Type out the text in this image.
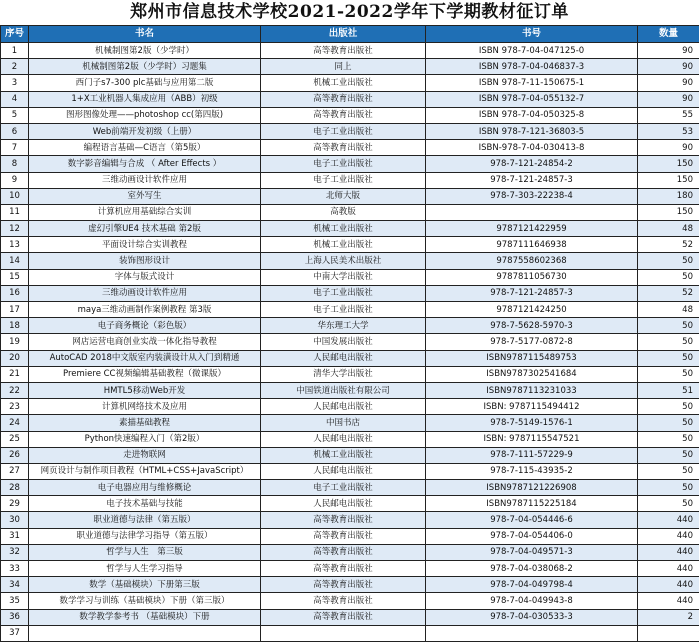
郑州市信息技术学校2021-2022学年下学期教材征订单
序号	书名	出版社	书号	数量
1	机械制图第2版（少学时）	高等教育出版社	ISBN 978-7-04-047125-0	90
2	机械制图第2版（少学时）习题集	同上	ISBN 978-7-04-046837-3	90
3	西门子s7-300 plc基础与应用第二版	机械工业出版社	ISBN 978-7-11-150675-1	90
4	1+X工业机器人集成应用（ABB）初级	高等教育出版社	ISBN 978-7-04-055132-7	90
5	图形图像处理——photoshop cc(第四版)	高等教育出版社	ISBN 978-7-04-050325-8	55
6	Web前端开发初级（上册）	电子工业出版社	ISBN 978-7-121-36803-5	53
7	编程语言基础—C语言（第5版）	高等教育出版社	ISBN-978-7-04-030413-8	90
8	数字影音编辑与合成 （ After Effects ）	电子工业出版社	978-7-121-24854-2	150
9	三维动画设计软件应用	电子工业出版社	978-7-121-24857-3	150
10	室外写生	北师大版	978-7-303-22238-4	180
11	计算机应用基础综合实训	高教版		150
12	虚幻引擎UE4 技术基础 第2版	机械工业出版社	9787121422959	48
13	平面设计综合实训教程	机械工业出版社	9787111646938	52
14	装饰图形设计	上海人民美术出版社	9787558602368	50
15	字体与版式设计	中南大学出版社	9787811056730	50
16	三维动画设计软件应用	电子工业出版社	978-7-121-24857-3	52
17	maya三维动画制作案例教程 第3版	电子工业出版社	9787121424250	48
18	电子商务概论（彩色版）	华东理工大学	978-7-5628-5970-3	50
19	网店运营电商创业实战一体化指导教程	中国发展出版社	978-7-5177-0872-8	50
20	AutoCAD 2018中文版室内装潢设计从入门到精通	人民邮电出版社	ISBN9787115489753	50
21	Premiere CC视频编辑基础教程（微课版）	清华大学出版社	ISBN9787302541684	50
22	HMTL5移动Web开发	中国铁道出版社有限公司	ISBN9787113231033	51
23	计算机网络技术及应用	人民邮电出版社	ISBN: 9787115494412	50
24	素描基础教程	中国书店	978-7-5149-1576-1	50
25	Python快速编程入门（第2版）	人民邮电出版社	ISBN: 9787115547521	50
26	走进物联网	机械工业出版社	978-7-111-57229-9	50
27	网页设计与制作项目教程（HTML+CSS+JavaScript）	人民邮电出版社	978-7-115-43935-2	50
28	电子电器应用与维修概论	电子工业出版社	ISBN9787121226908	50
29	电子技术基础与技能	人民邮电出版社	ISBN9787115225184	50
30	职业道德与法律（第五版）	高等教育出版社	978-7-04-054446-6	440
31	职业道德与法律学习指导（第五版）	高等教育出版社	978-7-04-054406-0	440
32	哲学与人生　第三版	高等教育出版社	978-7-04-049571-3	440
33	哲学与人生学习指导	高等教育出版社	978-7-04-038068-2	440
34	数学（基础模块）下册第三版	高等教育出版社	978-7-04-049798-4	440
35	数学学习与训练（基础模块）下册（第三版）	高等教育出版社	978-7-04-049943-8	440
36	数学教学参考书 （基础模块）下册	高等教育出版社	978-7-04-030533-3	2
37				
